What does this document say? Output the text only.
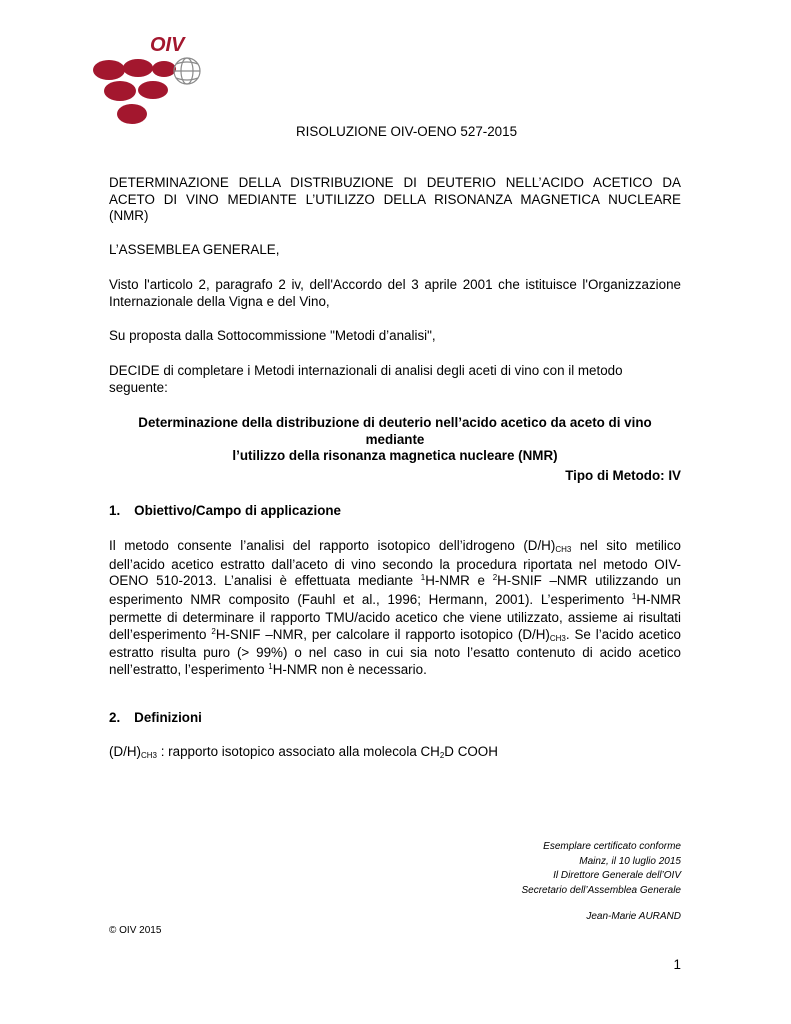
OIV
RISOLUZIONE OIV-OENO 527-2015
DETERMINAZIONE DELLA DISTRIBUZIONE DI DEUTERIO NELL’ACIDO ACETICO DA ACETO DI VINO MEDIANTE L’UTILIZZO DELLA RISONANZA MAGNETICA NUCLEARE (NMR)
L’ASSEMBLEA GENERALE,
Visto l'articolo 2, paragrafo 2 iv, dell'Accordo del 3 aprile 2001 che istituisce l'Organizzazione Internazionale della Vigna e del Vino,
Su proposta dalla Sottocommissione "Metodi d’analisi",
DECIDE di completare i Metodi internazionali di analisi degli aceti di vino con il metodo seguente:
Determinazione della distribuzione di deuterio nell’acido acetico da aceto di vino mediante
l’utilizzo della risonanza magnetica nucleare (NMR)
Tipo di Metodo: IV
1. Obiettivo/Campo di applicazione
Il metodo consente l’analisi del rapporto isotopico dell’idrogeno $(D/H)_{CH3}$ nel sito metilico dell’acido acetico estratto dall’aceto di vino secondo la procedura riportata nel metodo OIV-OENO 510-2013. L’analisi è effettuata mediante $^1$H-NMR e $^2$H-SNIF –NMR utilizzando un esperimento NMR composito (Fauhl et al., 1996; Hermann, 2001). L’esperimento $^1$H-NMR permette di determinare il rapporto TMU/acido acetico che viene utilizzato, assieme ai risultati dell’esperimento $^2$H-SNIF –NMR, per calcolare il rapporto isotopico $(D/H)_{CH3}$. Se l’acido acetico estratto risulta puro (> 99%) o nel caso in cui sia noto l’esatto contenuto di acido acetico nell’estratto, l’esperimento $^1$H-NMR non è necessario.
2. Definizioni
$(D/H)_{CH3}$ : rapporto isotopico associato alla molecola $CH_2D$ COOH
Esemplare certificato conforme
Mainz, il 10 luglio 2015
Il Direttore Generale dell’OIV
Secretario dell’Assemblea Generale
Jean-Marie AURAND
© OIV 2015
1
